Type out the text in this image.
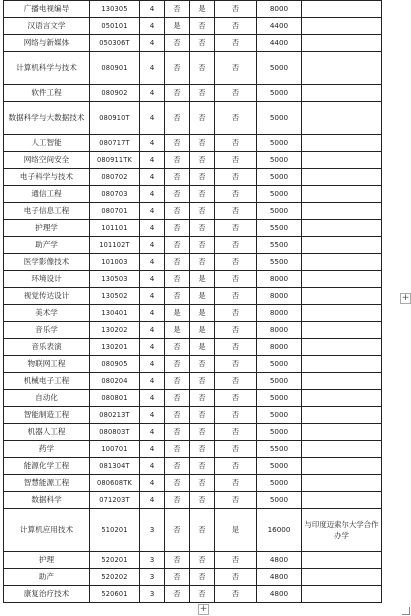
广播电视编导	130305	4	否	是	否	8000	
汉语言文学	050101	4	是	否	否	4400	
网络与新媒体	050306T	4	否	否	否	4400	
计算机科学与技术	080901	4	否	否	否	5000	
软件工程	080902	4	否	否	否	5000	
数据科学与大数据技术	080910T	4	否	否	否	5000	
人工智能	080717T	4	否	否	否	5000	
网络空间安全	080911TK	4	否	否	否	5000	
电子科学与技术	080702	4	否	否	否	5000	
通信工程	080703	4	否	否	否	5000	
电子信息工程	080701	4	否	否	否	5000	
护理学	101101	4	否	否	否	5500	
助产学	101102T	4	否	否	否	5500	
医学影像技术	101003	4	否	否	否	5500	
环境设计	130503	4	否	是	否	8000	
视觉传达设计	130502	4	否	是	否	8000	
美术学	130401	4	是	是	否	8000	
音乐学	130202	4	是	是	否	8000	
音乐表演	130201	4	否	是	否	8000	
物联网工程	080905	4	否	否	否	5000	
机械电子工程	080204	4	否	否	否	5000	
自动化	080801	4	否	否	否	5000	
智能制造工程	080213T	4	否	否	否	5000	
机器人工程	080803T	4	否	否	否	5000	
药学	100701	4	否	否	否	5500	
能源化学工程	081304T	4	否	否	否	5000	
智慧能源工程	080608TK	4	否	否	否	5000	
数据科学	071203T	4	否	否	否	5000	
计算机应用技术	510201	3	否	否	是	16000	与印度迈索尔大学合作办学
护理	520201	3	否	否	否	4800	
助产	520202	3	否	否	否	4800	
康复治疗技术	520601	3	否	否	否	4800	
+
+
